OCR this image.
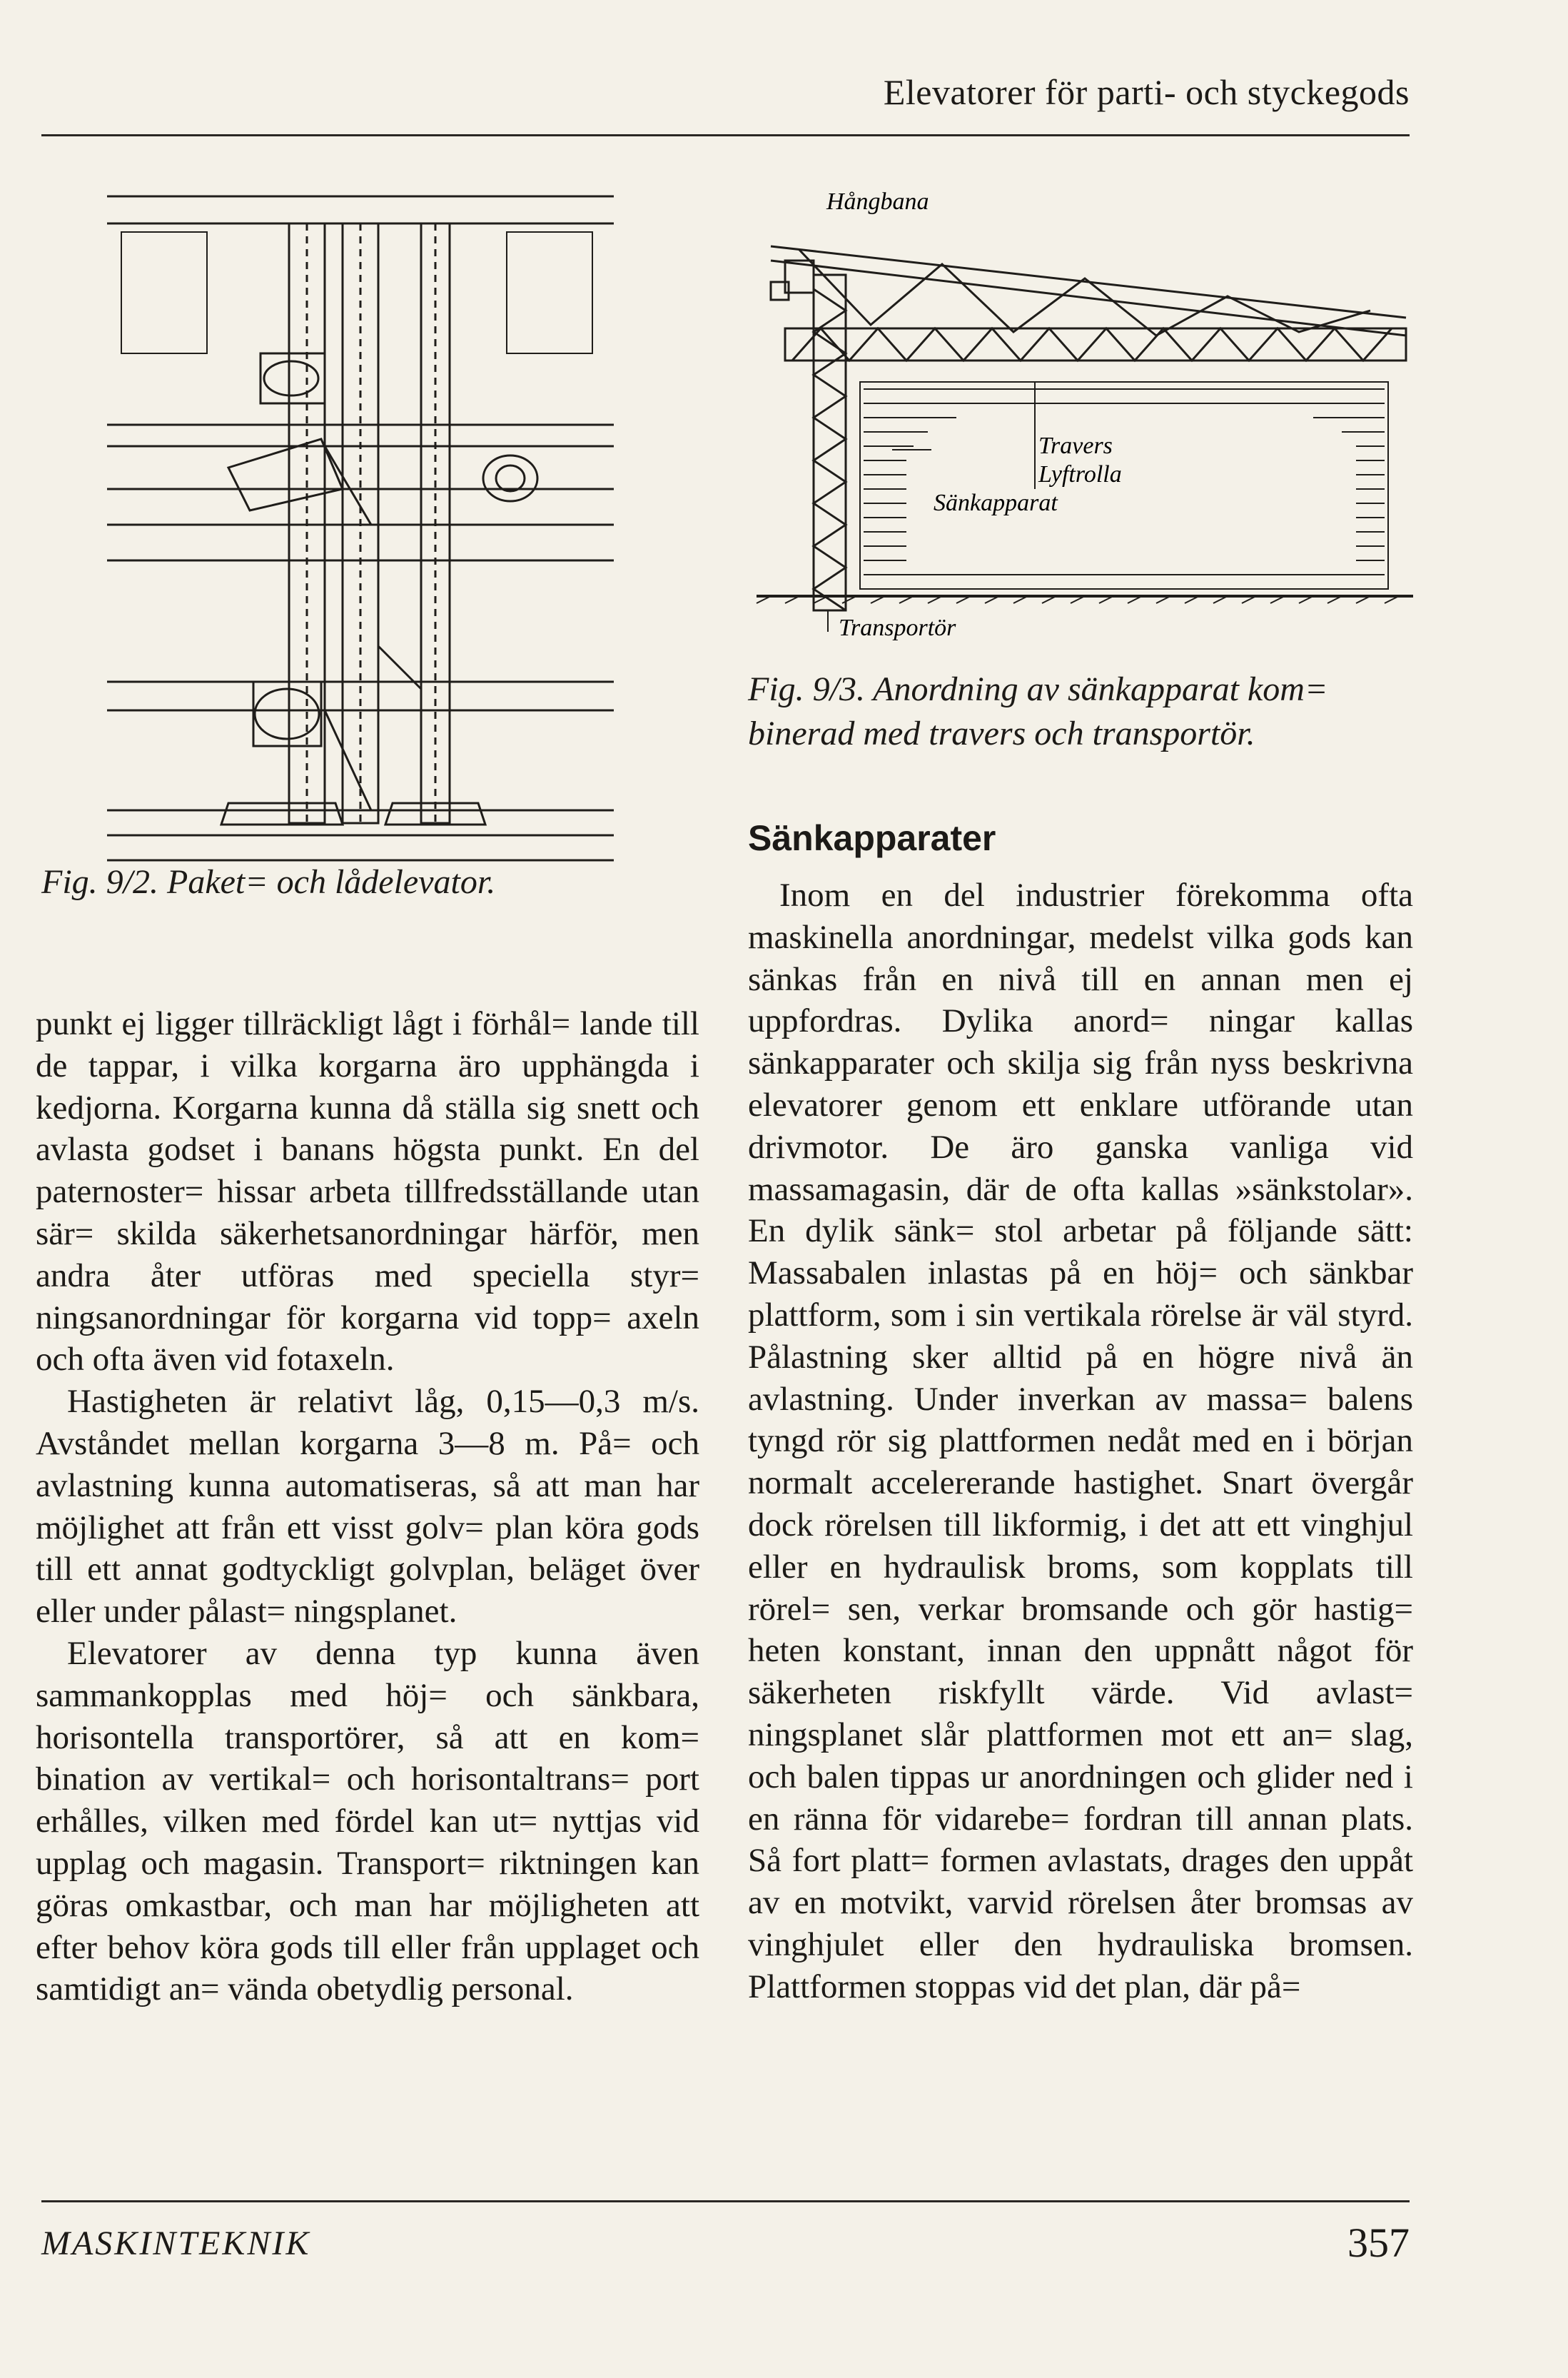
Elevatorer för parti- och styckegods
Fig. 9/2. Paket= och lådelevator.
Hångbana
Travers
Lyftrolla
Sänkapparat
Transportör
Fig. 9/3. Anordning av sänkapparat kom= binerad med travers och transportör.
Sänkapparater

punkt ej ligger tillräckligt lågt i förhål= lande till de tappar, i vilka korgarna äro upphängda i kedjorna. Korgarna kunna då ställa sig snett och avlasta godset i banans högsta punkt. En del paternoster= hissar arbeta tillfredsställande utan sär= skilda säkerhetsanordningar härför, men andra åter utföras med speciella styr= ningsanordningar för korgarna vid topp= axeln och ofta även vid fotaxeln.

Hastigheten är relativt låg, 0,15—0,3 m/s. Avståndet mellan korgarna 3—8 m. På= och avlastning kunna automatiseras, så att man har möjlighet att från ett visst golv= plan köra gods till ett annat godtyckligt golvplan, beläget över eller under pålast= ningsplanet.

Elevatorer av denna typ kunna även sammankopplas med höj= och sänkbara, horisontella transportörer, så att en kom= bination av vertikal= och horisontaltrans= port erhålles, vilken med fördel kan ut= nyttjas vid upplag och magasin. Transport= riktningen kan göras omkastbar, och man har möjligheten att efter behov köra gods till eller från upplaget och samtidigt an= vända obetydlig personal.

Inom en del industrier förekomma ofta maskinella anordningar, medelst vilka gods kan sänkas från en nivå till en annan men ej uppfordras. Dylika anord= ningar kallas sänkapparater och skilja sig från nyss beskrivna elevatorer genom ett enklare utförande utan drivmotor. De äro ganska vanliga vid massamagasin, där de ofta kallas »sänkstolar». En dylik sänk= stol arbetar på följande sätt: Massabalen inlastas på en höj= och sänkbar plattform, som i sin vertikala rörelse är väl styrd. Pålastning sker alltid på en högre nivå än avlastning. Under inverkan av massa= balens tyngd rör sig plattformen nedåt med en i början normalt accelererande hastighet. Snart övergår dock rörelsen till likformig, i det att ett vinghjul eller en hydraulisk broms, som kopplats till rörel= sen, verkar bromsande och gör hastig= heten konstant, innan den uppnått något för säkerheten riskfyllt värde. Vid avlast= ningsplanet slår plattformen mot ett an= slag, och balen tippas ur anordningen och glider ned i en ränna för vidarebe= fordran till annan plats. Så fort platt= formen avlastats, drages den uppåt av en motvikt, varvid rörelsen åter bromsas av vinghjulet eller den hydrauliska bromsen. Plattformen stoppas vid det plan, där på=

MASKINTEKNIK	357
